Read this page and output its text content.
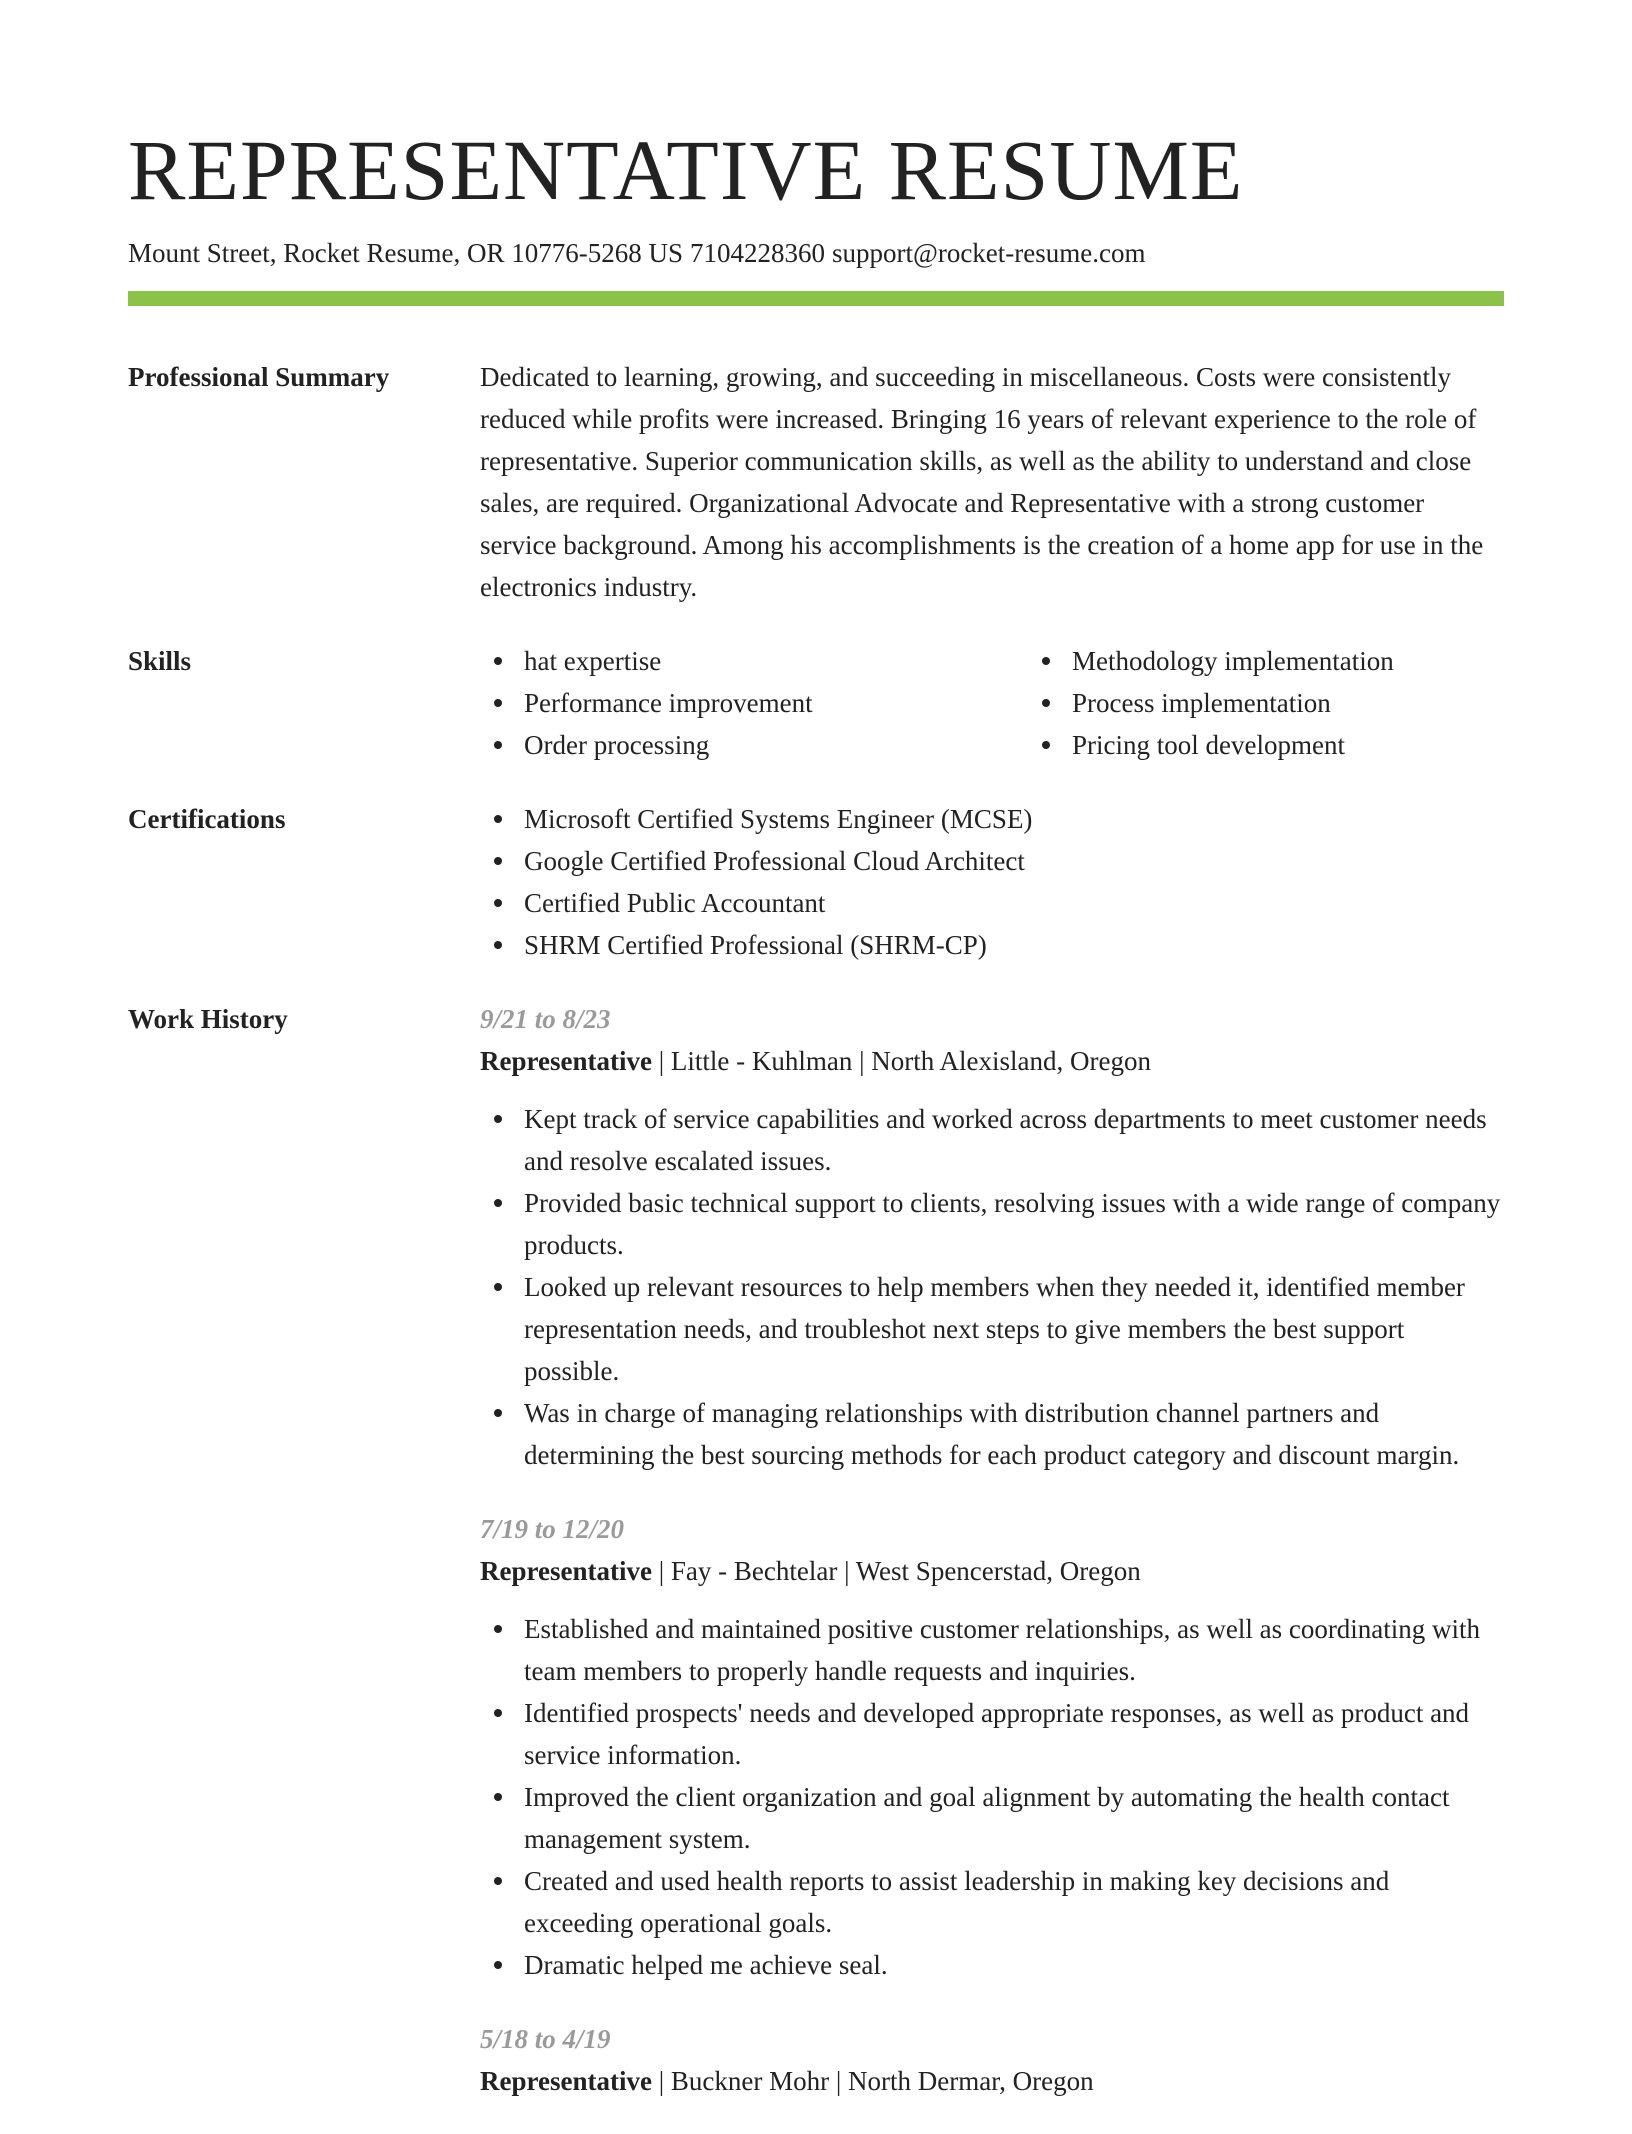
REPRESENTATIVE RESUME
Mount Street, Rocket Resume, OR 10776-5268 US 7104228360 support@rocket-resume.com
Professional Summary	Dedicated to learning, growing, and succeeding in miscellaneous. Costs were consistently reduced while profits were increased. Bringing 16 years of relevant experience to the role of representative. Superior communication skills, as well as the ability to understand and close sales, are required. Organizational Advocate and Representative with a strong customer service background. Among his accomplishments is the creation of a home app for use in the electronics industry.
Skills	hat expertise
Performance improvement
Order processing
Methodology implementation
Process implementation
Pricing tool development
Certifications	Microsoft Certified Systems Engineer (MCSE)
Google Certified Professional Cloud Architect
Certified Public Accountant
SHRM Certified Professional (SHRM-CP)
Work History	9/21 to 8/23
Representative | Little - Kuhlman | North Alexisland, Oregon
Kept track of service capabilities and worked across departments to meet customer needs and resolve escalated issues.
Provided basic technical support to clients, resolving issues with a wide range of company products.
Looked up relevant resources to help members when they needed it, identified member representation needs, and troubleshot next steps to give members the best support possible.
Was in charge of managing relationships with distribution channel partners and determining the best sourcing methods for each product category and discount margin.
7/19 to 12/20
Representative | Fay - Bechtelar | West Spencerstad, Oregon
Established and maintained positive customer relationships, as well as coordinating with team members to properly handle requests and inquiries.
Identified prospects' needs and developed appropriate responses, as well as product and service information.
Improved the client organization and goal alignment by automating the health contact management system.
Created and used health reports to assist leadership in making key decisions and exceeding operational goals.
Dramatic helped me achieve seal.
5/18 to 4/19
Representative | Buckner Mohr | North Dermar, Oregon
